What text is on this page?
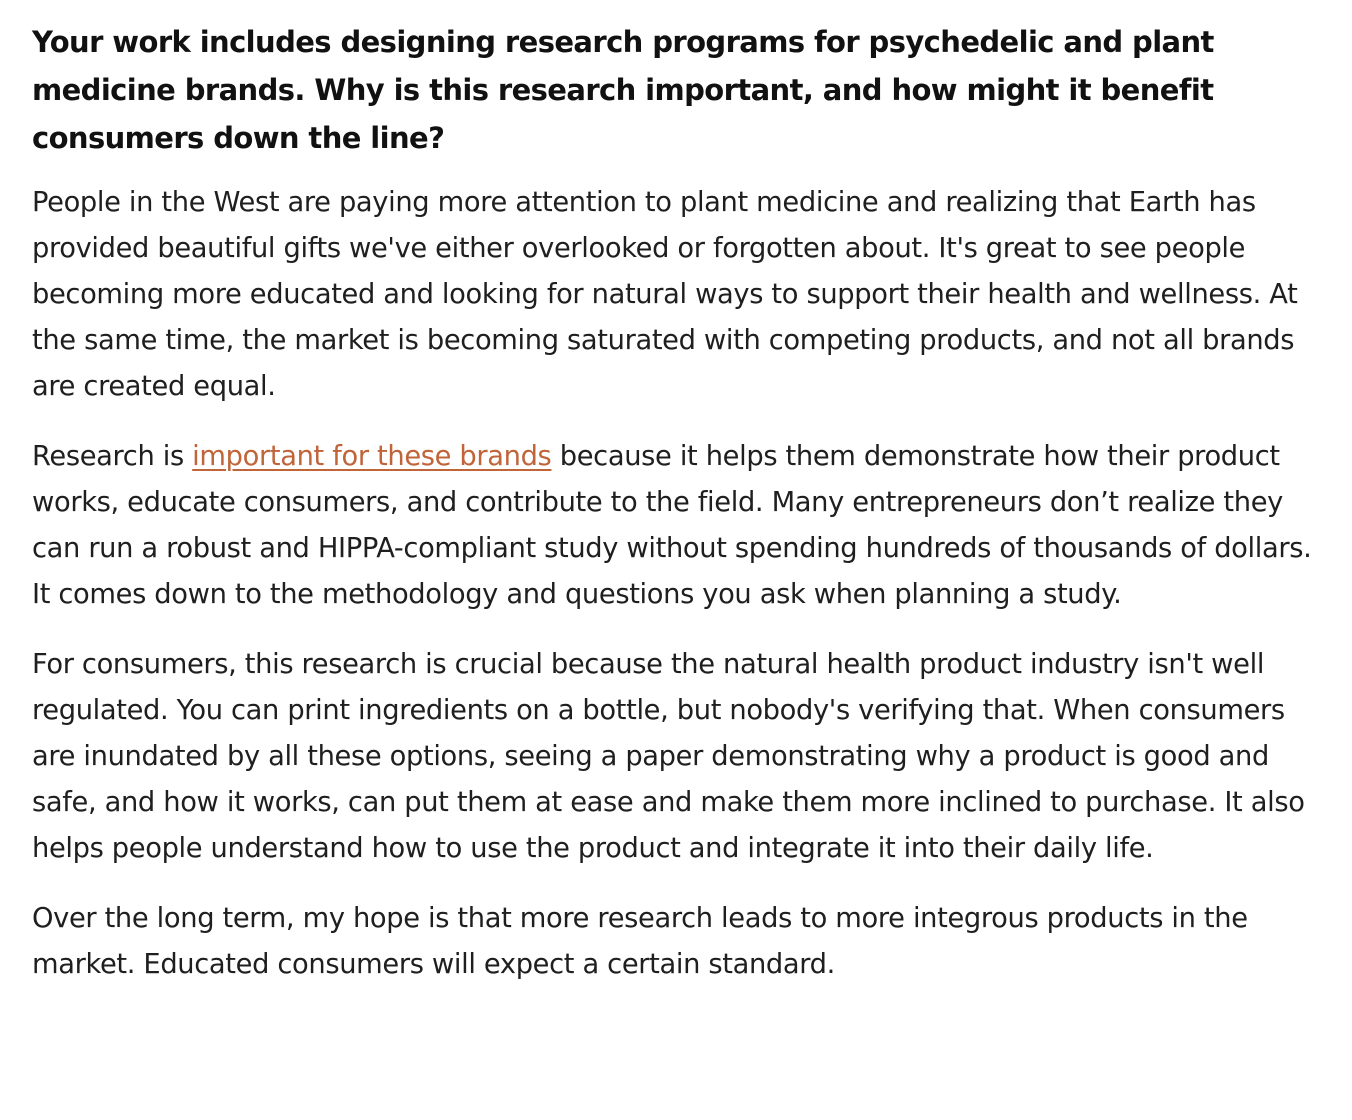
Your work includes designing research programs for psychedelic and plant medicine brands. Why is this research important, and how might it benefit consumers down the line?

People in the West are paying more attention to plant medicine and realizing that Earth has provided beautiful gifts we've either overlooked or forgotten about. It's great to see people becoming more educated and looking for natural ways to support their health and wellness. At the same time, the market is becoming saturated with competing products, and not all brands are created equal.

Research is important for these brands because it helps them demonstrate how their product works, educate consumers, and contribute to the field. Many entrepreneurs don’t realize they can run a robust and HIPPA-compliant study without spending hundreds of thousands of dollars. It comes down to the methodology and questions you ask when planning a study.

For consumers, this research is crucial because the natural health product industry isn't well regulated. You can print ingredients on a bottle, but nobody's verifying that. When consumers are inundated by all these options, seeing a paper demonstrating why a product is good and safe, and how it works, can put them at ease and make them more inclined to purchase. It also helps people understand how to use the product and integrate it into their daily life.

Over the long term, my hope is that more research leads to more integrous products in the market. Educated consumers will expect a certain standard.
